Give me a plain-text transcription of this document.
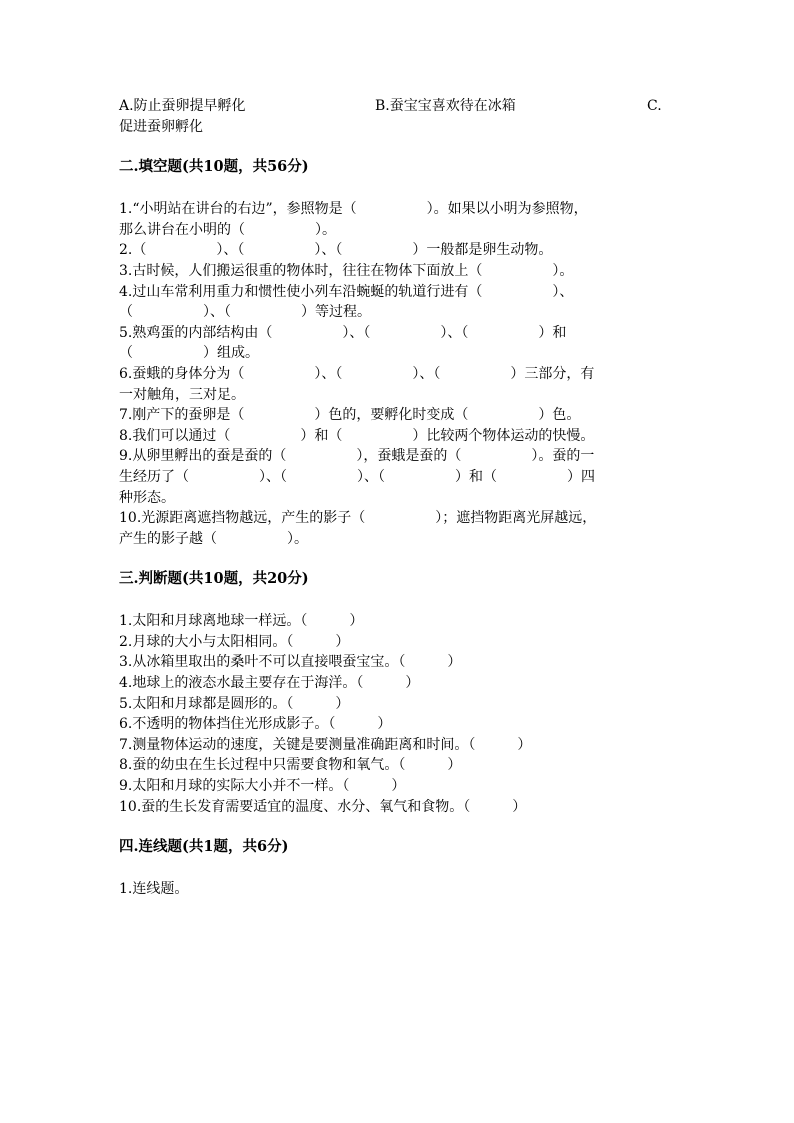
A.防止蚕卵提早孵化	B.蚕宝宝喜欢待在冰箱	C.
促进蚕卵孵化
二.填空题(共10题，共56分)
1.“小明站在讲台的右边”，参照物是（　　　　　）。如果以小明为参照物，
那么讲台在小明的（　　　　　）。
2.（　　　　　）、（　　　　　）、（　　　　　）一般都是卵生动物。
3.古时候，人们搬运很重的物体时，往往在物体下面放上（　　　　　）。
4.过山车常利用重力和惯性使小列车沿蜿蜒的轨道行进有（　　　　　）、
（　　　　　）、（　　　　　）等过程。
5.熟鸡蛋的内部结构由（　　　　　）、（　　　　　）、（　　　　　）和
（　　　　　）组成。
6.蚕蛾的身体分为（　　　　　）、（　　　　　）、（　　　　　）三部分，有
一对触角，三对足。
7.刚产下的蚕卵是（　　　　　）色的，要孵化时变成（　　　　　）色。
8.我们可以通过（　　　　　）和（　　　　　）比较两个物体运动的快慢。
9.从卵里孵出的蚕是蚕的（　　　　　），蚕蛾是蚕的（　　　　　）。蚕的一
生经历了（　　　　　）、（　　　　　）、（　　　　　）和（　　　　　）四
种形态。
10.光源距离遮挡物越远，产生的影子（　　　　　）；遮挡物距离光屏越远，
产生的影子越（　　　　　）。
三.判断题(共10题，共20分)
1.太阳和月球离地球一样远。（　　　）
2.月球的大小与太阳相同。（　　　）
3.从冰箱里取出的桑叶不可以直接喂蚕宝宝。（　　　）
4.地球上的液态水最主要存在于海洋。（　　　）
5.太阳和月球都是圆形的。（　　　）
6.不透明的物体挡住光形成影子。（　　　）
7.测量物体运动的速度，关键是要测量准确距离和时间。（　　　）
8.蚕的幼虫在生长过程中只需要食物和氧气。（　　　）
9.太阳和月球的实际大小并不一样。（　　　）
10.蚕的生长发育需要适宜的温度、水分、氧气和食物。（　　　）
四.连线题(共1题，共6分)
1.连线题。
